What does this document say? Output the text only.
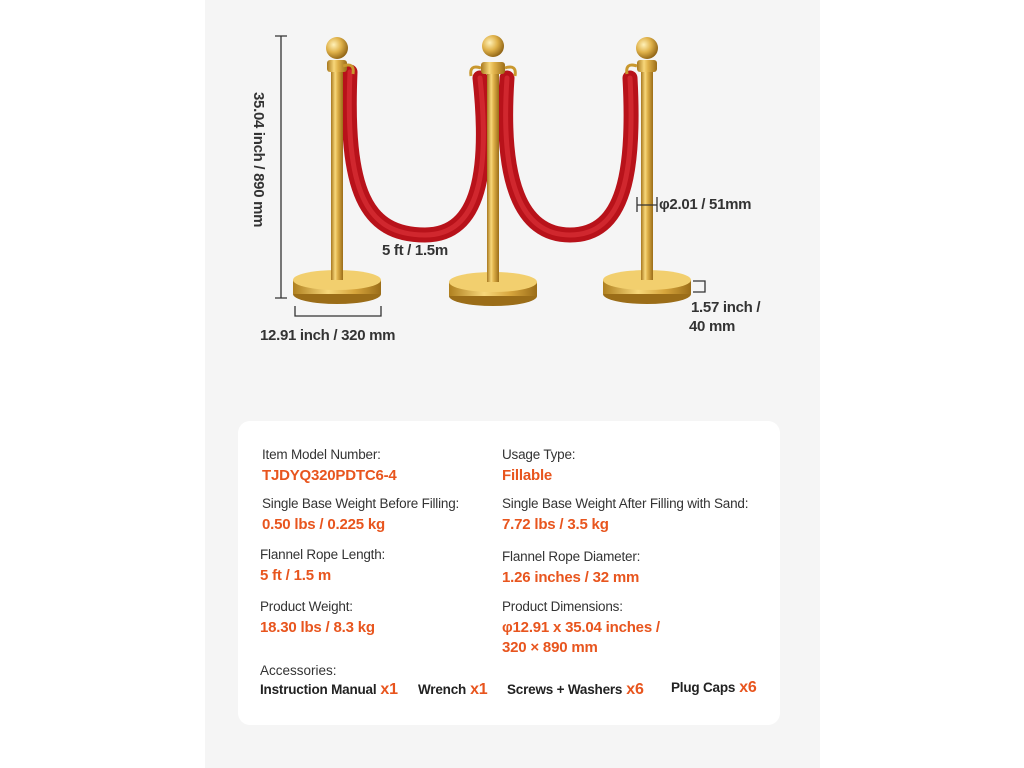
35.04 inch / 890 mm
12.91 inch / 320 mm
5 ft / 1.5m
φ2.01 / 51mm
1.57 inch /
40 mm
Item Model Number:
TJDYQ320PDTC6-4
Usage Type:
Fillable
Single Base Weight Before Filling:
0.50 lbs / 0.225 kg
Single Base Weight After Filling with Sand:
7.72 lbs / 3.5 kg
Flannel Rope Length:
5 ft / 1.5 m
Flannel Rope Diameter:
1.26 inches / 32 mm
Product Weight:
18.30 lbs / 8.3 kg
Product Dimensions:
φ12.91 x 35.04 inches /
320 × 890 mm
Accessories:
Instruction Manual x1 Wrench x1 Screws + Washers x6 Plug Caps x6
